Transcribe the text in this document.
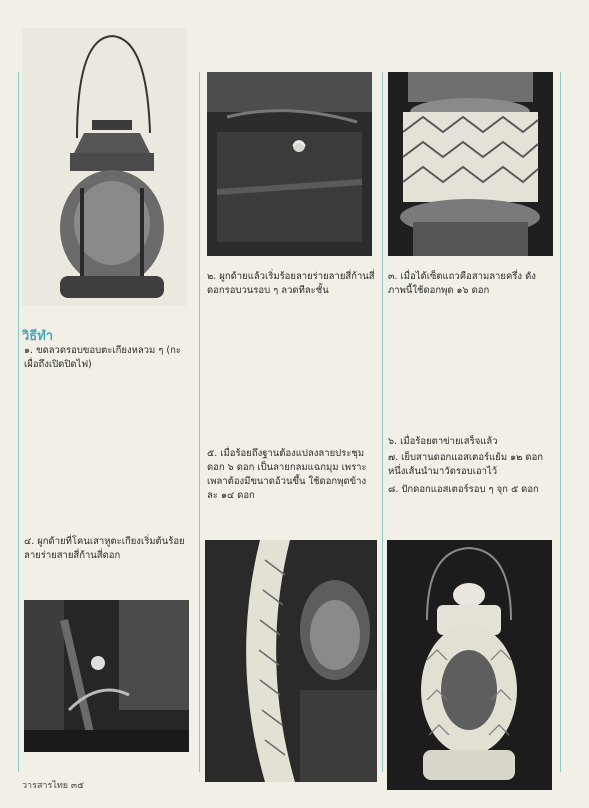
๒. ผูกด้ายแล้วเริ่มร้อยลายร่ายลายสี่ก้านสี่ดอกรอบวนรอบ ๆ ลวดทีละชั้น

๓. เมื่อได้เซ็ตแถวคือสามลายครึ่ง ดังภาพนี้ใช้ดอกพุด ๑๖ ดอก

วิธีทำ

๑. ขดลวดรอบขอบตะเกียงหลวม ๆ (กะเผื่อถึงเปิดปิดไฟ)

๕. เมื่อร้อยถึงฐานต้องแปลงลายประชุมดอก ๖ ดอก เป็นลายกลมแฉกมุม เพราะเพลาต้องมีขนาดอ้วนขึ้น ใช้ดอกพุดข้างละ ๑๔ ดอก

๖. เมื่อร้อยตาข่ายเสร็จแล้ว

๗. เย็บสานดอกแอสเตอร์แย้ม ๑๒ ดอก หนึ่งเส้นนำมาวัดรอบเอาไว้

๘. ปักดอกแอสเตอร์รอบ ๆ จุก ๕ ดอก

๔. ผูกด้ายที่โคนเสาหูตะเกียงเริ่มต้นร้อยลายร่ายสายสี่ก้านสี่ดอก

วารสารไทย ๓๕
